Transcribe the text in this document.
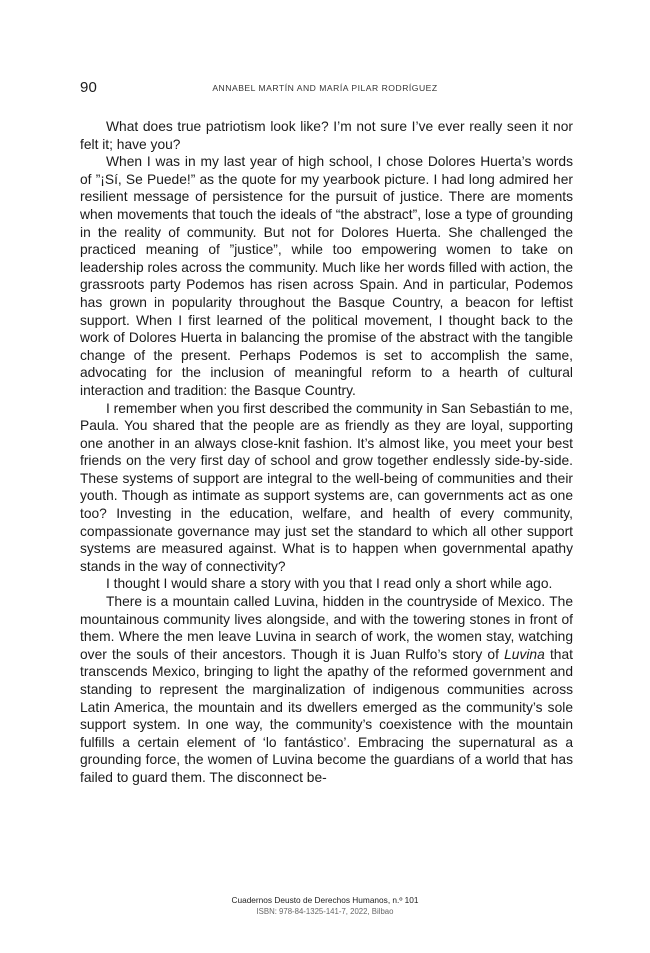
90	ANNABEL MARTÍN AND MARÍA PILAR RODRÍGUEZ

What does true patriotism look like? I’m not sure I’ve ever really seen it nor felt it; have you?

When I was in my last year of high school, I chose Dolores Huerta’s words of ”¡Sí, Se Puede!” as the quote for my yearbook picture. I had long admired her resilient message of persistence for the pursuit of justice. There are moments when movements that touch the ideals of “the abstract”, lose a type of grounding in the reality of community. But not for Dolores Huerta. She challenged the practiced meaning of ”justice”, while too empowering women to take on leadership roles across the community. Much like her words filled with action, the grassroots party Podemos has risen across Spain. And in particular, Podemos has grown in popularity throughout the Basque Country, a beacon for leftist support. When I first learned of the political movement, I thought back to the work of Dolores Huerta in balancing the promise of the abstract with the tangible change of the present. Perhaps Podemos is set to accomplish the same, advocating for the inclusion of meaningful reform to a hearth of cultural interaction and tradition: the Basque Country.

I remember when you first described the community in San Sebastián to me, Paula. You shared that the people are as friendly as they are loyal, supporting one another in an always close-knit fashion. It’s almost like, you meet your best friends on the very first day of school and grow together endlessly side-by-side. These systems of support are integral to the well-being of communities and their youth. Though as intimate as support systems are, can governments act as one too? Investing in the education, welfare, and health of every community, compassionate governance may just set the standard to which all other support systems are measured against. What is to happen when governmental apathy stands in the way of connectivity?

I thought I would share a story with you that I read only a short while ago.

There is a mountain called Luvina, hidden in the countryside of Mexico. The mountainous community lives alongside, and with the towering stones in front of them. Where the men leave Luvina in search of work, the women stay, watching over the souls of their ancestors. Though it is Juan Rulfo’s story of Luvina that transcends Mexico, bringing to light the apathy of the reformed government and standing to represent the marginalization of indigenous communities across Latin America, the mountain and its dwellers emerged as the community’s sole support system. In one way, the community’s coexistence with the mountain fulfills a certain element of ‘lo fantástico’. Embracing the supernatural as a grounding force, the women of Luvina become the guardians of a world that has failed to guard them. The disconnect be-

Cuadernos Deusto de Derechos Humanos, n.º 101
ISBN: 978-84-1325-141-7, 2022, Bilbao
